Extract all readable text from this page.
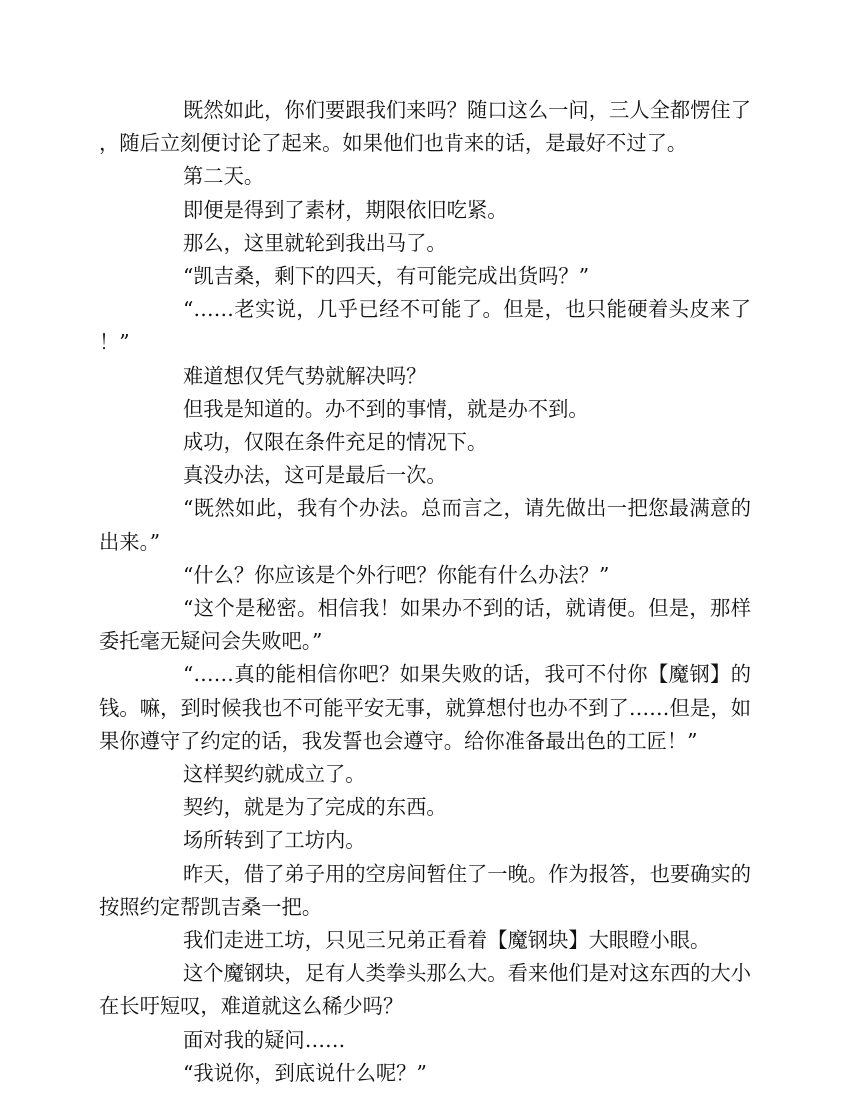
既然如此，你们要跟我们来吗？随口这么一问，三人全都愣住了，随后立刻便讨论了起来。如果他们也肯来的话，是最好不过了。

第二天。

即便是得到了素材，期限依旧吃紧。

那么，这里就轮到我出马了。

“凯吉桑，剩下的四天，有可能完成出货吗？”

“……老实说，几乎已经不可能了。但是，也只能硬着头皮来了！”

难道想仅凭气势就解决吗？

但我是知道的。办不到的事情，就是办不到。

成功，仅限在条件充足的情况下。

真没办法，这可是最后一次。

“既然如此，我有个办法。总而言之，请先做出一把您最满意的出来。”

“什么？你应该是个外行吧？你能有什么办法？”

“这个是秘密。相信我！如果办不到的话，就请便。但是，那样委托毫无疑问会失败吧。”

“……真的能相信你吧？如果失败的话，我可不付你【魔钢】的钱。嘛，到时候我也不可能平安无事，就算想付也办不到了……但是，如果你遵守了约定的话，我发誓也会遵守。给你准备最出色的工匠！”

这样契约就成立了。

契约，就是为了完成的东西。

场所转到了工坊内。

昨天，借了弟子用的空房间暂住了一晚。作为报答，也要确实的按照约定帮凯吉桑一把。

我们走进工坊，只见三兄弟正看着【魔钢块】大眼瞪小眼。

这个魔钢块，足有人类拳头那么大。看来他们是对这东西的大小在长吁短叹，难道就这么稀少吗？

面对我的疑问……

“我说你，到底说什么呢？”
